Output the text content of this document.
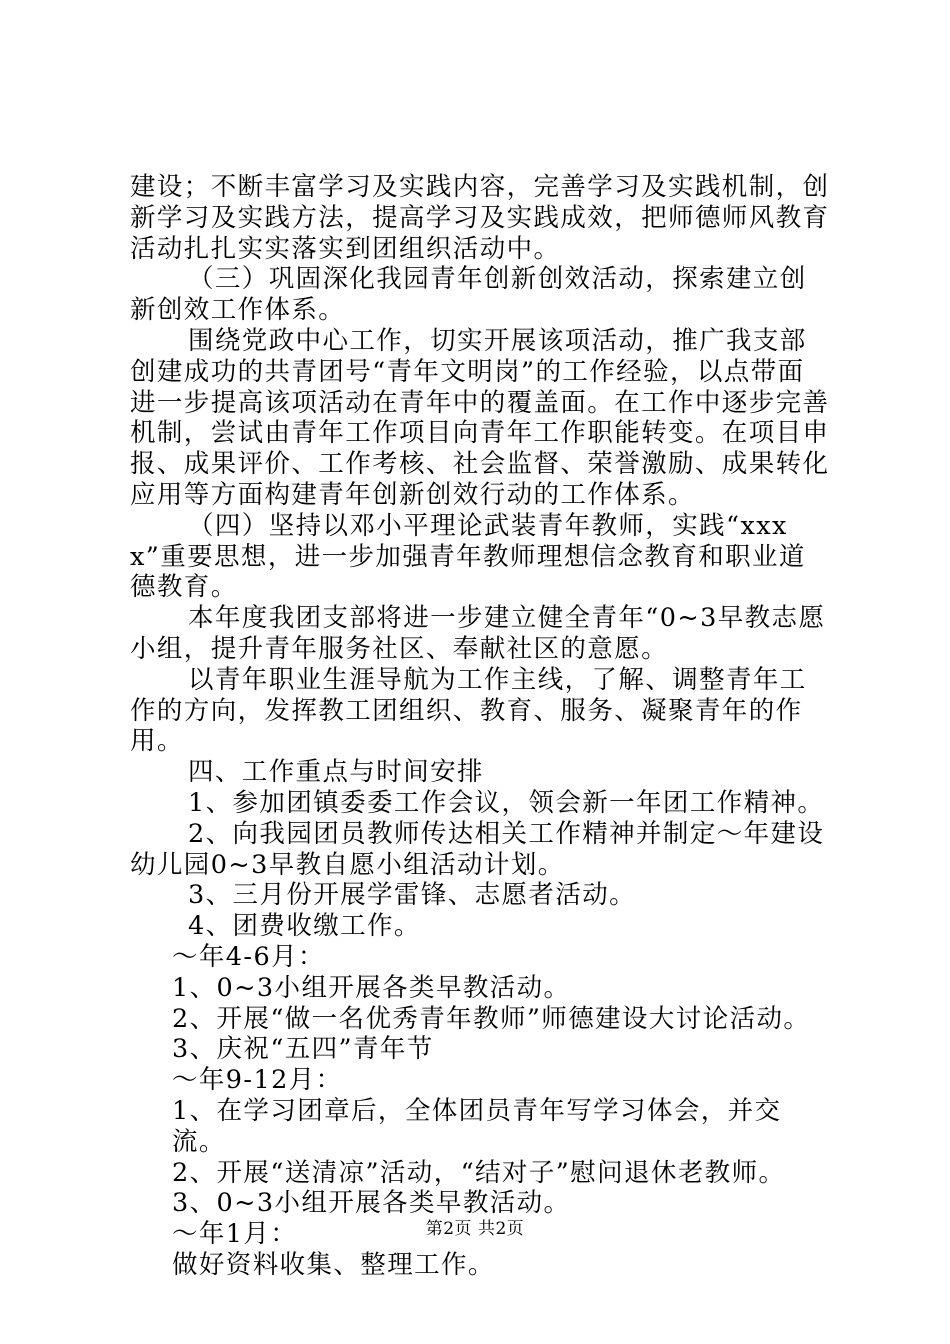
建设；不断丰富学习及实践内容，完善学习及实践机制，创新学习及实践方法，提高学习及实践成效，把师德师风教育活动扎扎实实落实到团组织活动中。

（三）巩固深化我园青年创新创效活动，探索建立创新创效工作体系。

围绕党政中心工作，切实开展该项活动，推广我支部创建成功的共青团号“青年文明岗”的工作经验，以点带面进一步提高该项活动在青年中的覆盖面。在工作中逐步完善机制，尝试由青年工作项目向青年工作职能转变。在项目申报、成果评价、工作考核、社会监督、荣誉激励、成果转化应用等方面构建青年创新创效行动的工作体系。

（四）坚持以邓小平理论武装青年教师，实践“xxxx”重要思想，进一步加强青年教师理想信念教育和职业道德教育。

本年度我团支部将进一步建立健全青年“0~3早教志愿小组，提升青年服务社区、奉献社区的意愿。

以青年职业生涯导航为工作主线，了解、调整青年工作的方向，发挥教工团组织、教育、服务、凝聚青年的作用。

四、工作重点与时间安排

1、参加团镇委委工作会议，领会新一年团工作精神。

2、向我园团员教师传达相关工作精神并制定～年建设幼儿园0~3早教自愿小组活动计划。

3、三月份开展学雷锋、志愿者活动。

4、团费收缴工作。

～年4-6月：

1、0~3小组开展各类早教活动。

2、开展“做一名优秀青年教师”师德建设大讨论活动。

3、庆祝“五四”青年节

～年9-12月：

1、在学习团章后，全体团员青年写学习体会，并交流。

2、开展“送清凉”活动，“结对子”慰问退休老教师。

3、0~3小组开展各类早教活动。

～年1月：

做好资料收集、整理工作。

第2页 共2页
